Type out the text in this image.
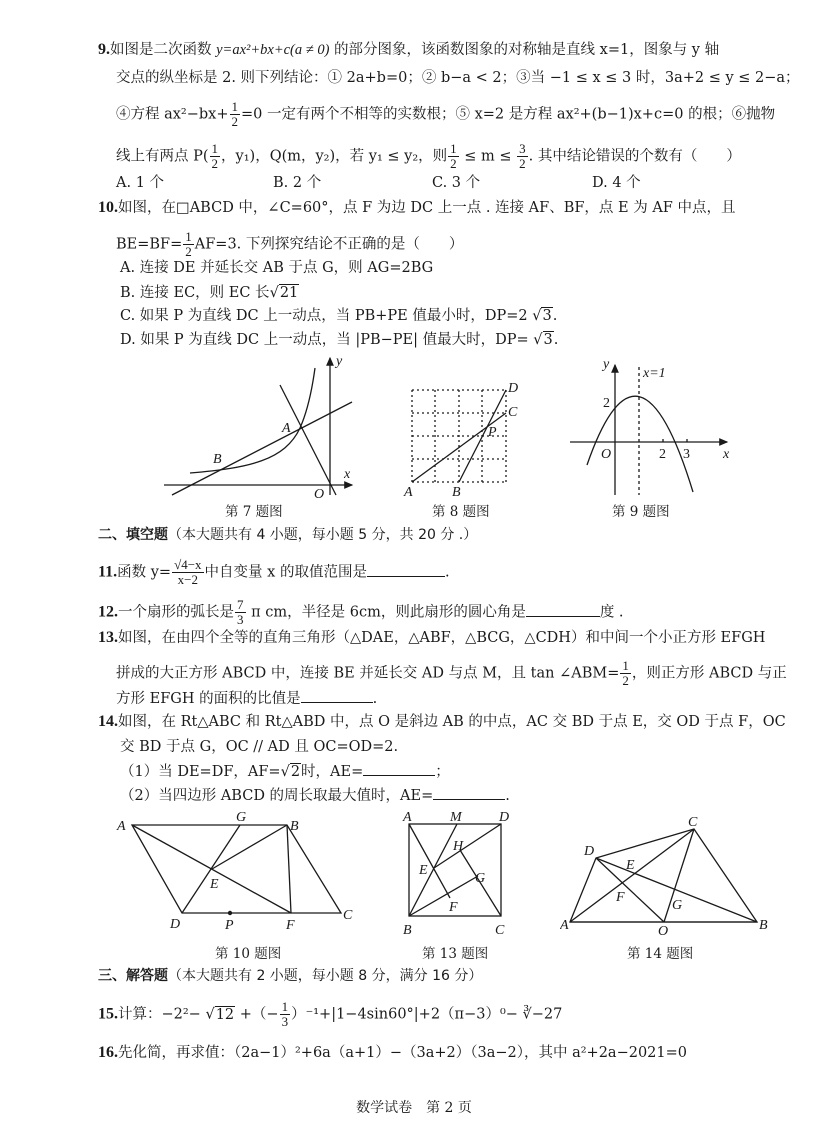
9.如图是二次函数 y=ax²+bx+c(a ≠ 0) 的部分图象，该函数图象的对称轴是直线 x=1，图象与 y 轴
交点的纵坐标是 2. 则下列结论：① 2a+b=0；② b−a < 2；③当 −1 ≤ x ≤ 3 时，3a+2 ≤ y ≤ 2−a；
④方程 $ax^2-bx+ \frac{1}{2} =0$ 一定有两个不相等的实数根；⑤ x=2 是方程 ax²+(b−1)x+c=0 的根；⑥抛物
线上有两点 $P( \frac{1}{2}$ ，y₁)，Q(m，y₂)，若 y₁ ≤ y₂，则 $\frac{1}{2} \le m \le \frac{3}{2}$ . 其中结论错误的个数有（　　）
A. 1 个	B. 2 个	C. 3 个	D. 4 个
10.如图，在□ABCD 中，∠C=60°，点 F 为边 DC 上一点 . 连接 AF、BF，点 E 为 AF 中点，且
$BE=BF= \frac{1}{2} AF=3$. 下列探究结论不正确的是（　　）
A. 连接 DE 并延长交 AB 于点 G，则 AG=2BG
B. 连接 EC，则 EC 长√21
C. 如果 P 为直线 DC 上一动点，当 PB+PE 值最小时，DP=2 √3.
D. 如果 P 为直线 DC 上一动点，当 |PB−PE| 值最大时，DP= √3.
y
A
B
x
O
第 7 题图
D
C
P
A	B
第 8 题图
y
x=1
2
O	2 3 x
第 9 题图
二、填空题（本大题共有 4 小题，每小题 5 分，共 20 分 .）
11.函数 $y= \frac{√4-x}{x-2}$ 中自变量 x 的取值范围是	.
12.一个扇形的弧长是 $\frac{7}{3}$ π cm，半径是 6cm，则此扇形的圆心角是	度 .
13.如图，在由四个全等的直角三角形（△DAE，△ABF，△BCG，△CDH）和中间一个小正方形 EFGH
拼成的大正方形 ABCD 中，连接 BE 并延长交 AD 与点 M，且 tan ∠ABM= $\frac{1}{2}$ ，则正方形 ABCD 与正
方形 EFGH 的面积的比值是	.
14.如图，在 Rt△ABC 和 Rt△ABD 中，点 O 是斜边 AB 的中点，AC 交 BD 于点 E，交 OD 于点 F，OC
交 BD 于点 G，OC // AD 且 OC=OD=2.
（1）当 DE=DF，AF=√2时，AE=	；
（2）当四边形 ABCD 的周长取最大值时，AE=	.
A
G
B
E
D	P	F
C
第 10 题图
A	M	D
H
E
G
F
B	C
第 13 题图
C
D
E
F
G
A	O	B
第 14 题图
三、解答题（本大题共有 2 小题，每小题 8 分，满分 16 分）
15.计算：−2²− √12 +（− $\frac{1}{3} )^{-1}+|1-4\sin 60^\circ|+2(\pi-3)^0-$ ∛−27
16.先化简，再求值：（2a−1）²+6a（a+1）−（3a+2）（3a−2），其中 a²+2a−2021=0
数学试卷　第 2 页
